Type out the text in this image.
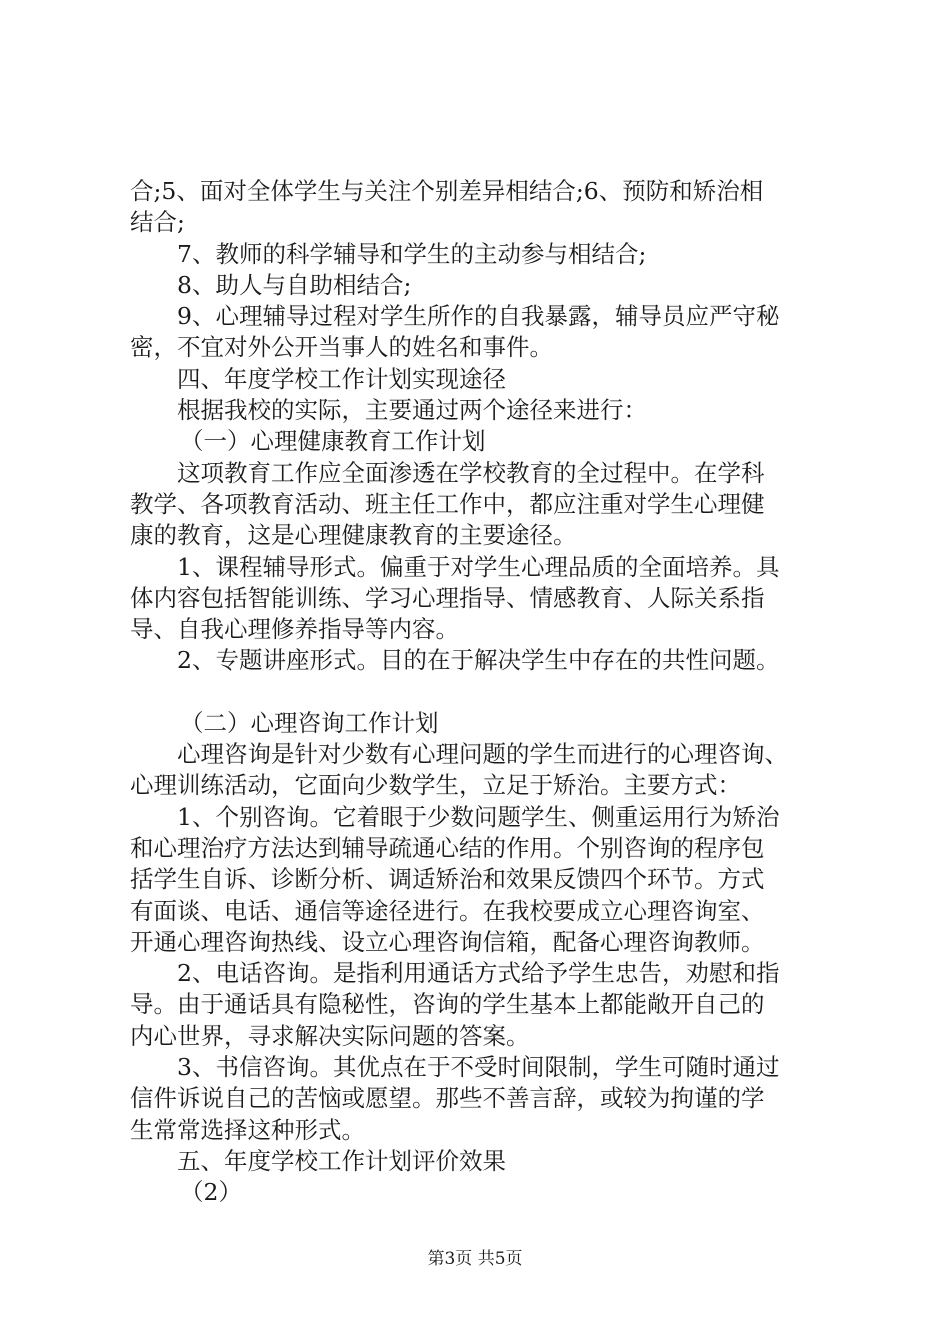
合;5、面对全体学生与关注个别差异相结合;6、预防和矫治相
结合;
7、教师的科学辅导和学生的主动参与相结合;
8、助人与自助相结合;
9、心理辅导过程对学生所作的自我暴露，辅导员应严守秘
密，不宜对外公开当事人的姓名和事件。
四、年度学校工作计划实现途径
根据我校的实际，主要通过两个途径来进行：
（一）心理健康教育工作计划
这项教育工作应全面渗透在学校教育的全过程中。在学科
教学、各项教育活动、班主任工作中，都应注重对学生心理健
康的教育，这是心理健康教育的主要途径。
1、课程辅导形式。偏重于对学生心理品质的全面培养。具
体内容包括智能训练、学习心理指导、情感教育、人际关系指
导、自我心理修养指导等内容。
2、专题讲座形式。目的在于解决学生中存在的共性问题。
（二）心理咨询工作计划
心理咨询是针对少数有心理问题的学生而进行的心理咨询、
心理训练活动，它面向少数学生，立足于矫治。主要方式：
1、个别咨询。它着眼于少数问题学生、侧重运用行为矫治
和心理治疗方法达到辅导疏通心结的作用。个别咨询的程序包
括学生自诉、诊断分析、调适矫治和效果反馈四个环节。方式
有面谈、电话、通信等途径进行。在我校要成立心理咨询室、
开通心理咨询热线、设立心理咨询信箱，配备心理咨询教师。
2、电话咨询。是指利用通话方式给予学生忠告，劝慰和指
导。由于通话具有隐秘性，咨询的学生基本上都能敞开自己的
内心世界，寻求解决实际问题的答案。
3、书信咨询。其优点在于不受时间限制，学生可随时通过
信件诉说自己的苦恼或愿望。那些不善言辞，或较为拘谨的学
生常常选择这种形式。
五、年度学校工作计划评价效果
（2）
第3页 共5页
